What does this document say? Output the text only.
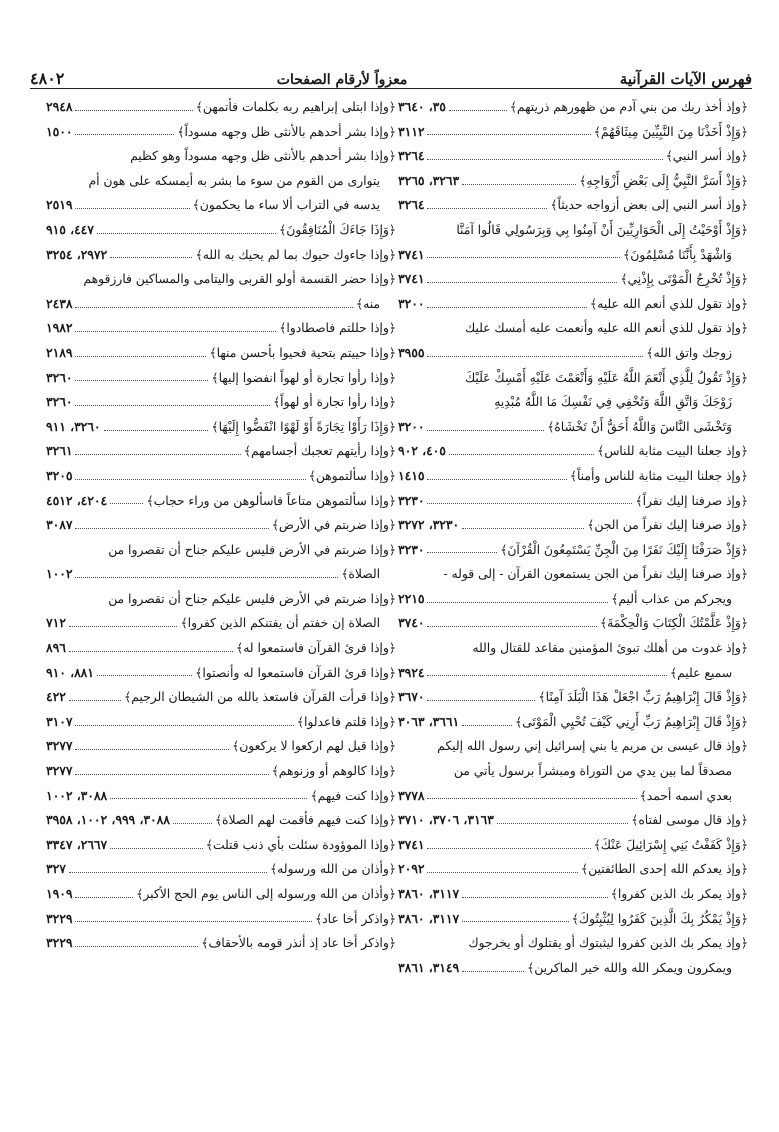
فهرس الآيات القرآنية
معزواً لأرقام الصفحات
٤٨٠٢
﴿وإذ أخذ ربك من بني آدم من ظهورهم ذريتهم﴾
٣٥، ٣٦٤٠
﴿وَإِذْ أَخَذْنَا مِنَ النَّبِيِّينَ مِيثَاقَهُمْ﴾
٣١١٢
﴿وإذ أسر النبي﴾
٣٢٦٤
﴿وَإِذْ أَسَرَّ النَّبِيُّ إِلَى بَعْضِ أَزْوَاجِهِ﴾
٣٢٦٣، ٣٢٦٥
﴿وإذ أسر النبي إلى بعض أزواجه حديثاً﴾
٣٢٦٤
﴿وَإِذْ أَوْحَيْتُ إِلَى الْحَوَارِيِّينَ أَنْ آمِنُوا بِي وَبِرَسُولِي قَالُوا آمَنَّا
وَاشْهَدْ بِأَنَّنَا مُسْلِمُونَ﴾
٣٧٤١
﴿وَإِذْ تُخْرِجُ الْمَوْتَى بِإِذْنِي﴾
٣٧٤١
﴿وإذ تقول للذي أنعم الله عليه﴾
٣٢٠٠
﴿وإذ تقول للذي أنعم الله عليه وأنعمت عليه أمسك عليك
زوجك واتق الله﴾
٣٩٥٥
﴿وَإِذْ تَقُولُ لِلَّذِي أَنْعَمَ اللَّهُ عَلَيْهِ وَأَنْعَمْتَ عَلَيْهِ أَمْسِكْ عَلَيْكَ
زَوْجَكَ وَاتَّقِ اللَّهَ وَتُخْفِي فِي نَفْسِكَ مَا اللَّهُ مُبْدِيهِ
وَتَخْشَى النَّاسَ وَاللَّهُ أَحَقُّ أَنْ تَخْشَاهُ﴾
٣٢٠٠
﴿وإذ جعلنا البيت مثابة للناس﴾
٤٠٥، ٩٠٢
﴿وإذ جعلنا البيت مثابة للناس وأمناً﴾
١٤١٥
﴿وإذ صرفنا إليك نفراً﴾
٣٢٣٠
﴿وإذ صرفنا إليك نفراً من الجن﴾
٣٢٣٠، ٣٢٧٢
﴿وَإِذْ صَرَفْنَا إِلَيْكَ نَفَرًا مِنَ الْجِنِّ يَسْتَمِعُونَ الْقُرْآنَ﴾
٣٢٣٠
﴿وإذ صرفنا إليك نفراً من الجن يستمعون القرآن - إلى قوله -
ويجركم من عذاب أليم﴾
٢٢١٥
﴿وَإِذْ عَلَّمْتُكَ الْكِتَابَ وَالْحِكْمَةَ﴾
٣٧٤٠
﴿وإذ غدوت من أهلك تبوئ المؤمنين مقاعد للقتال والله
سميع عليم﴾
٣٩٢٤
﴿وَإِذْ قَالَ إِبْرَاهِيمُ رَبِّ اجْعَلْ هَذَا الْبَلَدَ آمِنًا﴾
٣٦٧٠
﴿وَإِذْ قَالَ إِبْرَاهِيمُ رَبِّ أَرِنِي كَيْفَ تُحْيِي الْمَوْتَى﴾
٣٦٦١، ٣٠٦٣
﴿وإذ قال عيسى بن مريم يا بني إسرائيل إني رسول الله إليكم
مصدقاً لما بين يدي من التوراة ومبشراً برسول يأتي من
بعدي اسمه أحمد﴾
٣٧٧٨
﴿وإذ قال موسى لفتاه﴾
٣١٦٣، ٣٧٠٦، ٣٧١٠
﴿وَإِذْ كَفَفْتُ بَنِي إِسْرَائِيلَ عَنْكَ﴾
٣٧٤١
﴿وإذ يعدكم الله إحدى الطائفتين﴾
٢٠٩٢
﴿وإذ يمكر بك الذين كفروا﴾
٣١١٧، ٣٨٦٠
﴿وَإِذْ يَمْكُرُ بِكَ الَّذِينَ كَفَرُوا لِيُثْبِتُوكَ﴾
٣١١٧، ٣٨٦٠
﴿وإذ يمكر بك الذين كفروا ليثبتوك أو يقتلوك أو يخرجوك
ويمكرون ويمكر الله والله خير الماكرين﴾
٣١٤٩، ٣٨٦١
﴿وإذا ابتلى إبراهيم ربه بكلمات فأتمهن﴾
٢٩٤٨
﴿وإذا بشر أحدهم بالأنثى ظل وجهه مسوداً﴾
١٥٠٠
﴿وإذا بشر أحدهم بالأنثى ظل وجهه مسوداً وهو كظيم
يتوارى من القوم من سوء ما بشر به أيمسكه على هون أم
يدسه في التراب ألا ساء ما يحكمون﴾
٢٥١٩
﴿وَإِذَا جَاءَكَ الْمُنَافِقُونَ﴾
٤٤٧، ٩١٥
﴿وإذا جاءوك حيوك بما لم يحيك به الله﴾
٢٩٧٢، ٣٢٥٤
﴿وإذا حضر القسمة أولو القربى واليتامى والمساكين فارزقوهم
منه﴾
٢٤٣٨
﴿وإذا حللتم فاصطادوا﴾
١٩٨٢
﴿وإذا حييتم بتحية فحيوا بأحسن منها﴾
٢١٨٩
﴿وإذا رأوا تجارة أو لهواً انفضوا إليها﴾
٣٢٦٠
﴿وإذا رأوا تجارة أو لهواً﴾
٣٢٦٠
﴿وَإِذَا رَأَوْا تِجَارَةً أَوْ لَهْوًا انْفَضُّوا إِلَيْهَا﴾
٣٢٦٠، ٩١١
﴿وإذا رأيتهم تعجبك أجسامهم﴾
٣٢٦١
﴿وإذا سألتموهن﴾
٣٢٠٥
﴿وإذا سألتموهن متاعاً فاسألوهن من وراء حجاب﴾
٤٢٠٤، ٤٥١٢
﴿وإذا ضربتم في الأرض﴾
٣٠٨٧
﴿وإذا ضربتم في الأرض فليس عليكم جناح أن تقصروا من
الصلاة﴾
١٠٠٢
﴿وإذا ضربتم في الأرض فليس عليكم جناح أن تقصروا من
الصلاة إن خفتم أن يفتنكم الذين كفروا﴾
٧١٢
﴿وإذا قرئ القرآن فاستمعوا له﴾
٨٩٦
﴿وإذا قرئ القرآن فاستمعوا له وأنصتوا﴾
٨٨١، ٩١٠
﴿وإذا قرأت القرآن فاستعذ بالله من الشيطان الرجيم﴾
٤٢٢
﴿وإذا قلتم فاعدلوا﴾
٣١٠٧
﴿وإذا قيل لهم اركعوا لا يركعون﴾
٣٢٧٧
﴿وإذا كالوهم أو وزنوهم﴾
٣٢٧٧
﴿وإذا كنت فيهم﴾
٣٠٨٨، ١٠٠٢
﴿وإذا كنت فيهم فأقمت لهم الصلاة﴾
٣٠٨٨، ٩٩٩، ١٠٠٢، ٣٩٥٨
﴿وإذا الموؤودة سئلت بأي ذنب قتلت﴾
٢٦٦٧، ٣٣٤٧
﴿وأذان من الله ورسوله﴾
٣٢٧
﴿وأذان من الله ورسوله إلى الناس يوم الحج الأكبر﴾
١٩٠٩
﴿واذكر أخا عاد﴾
٣٢٢٩
﴿واذكر أخا عاد إذ أنذر قومه بالأحقاف﴾
٣٢٢٩
